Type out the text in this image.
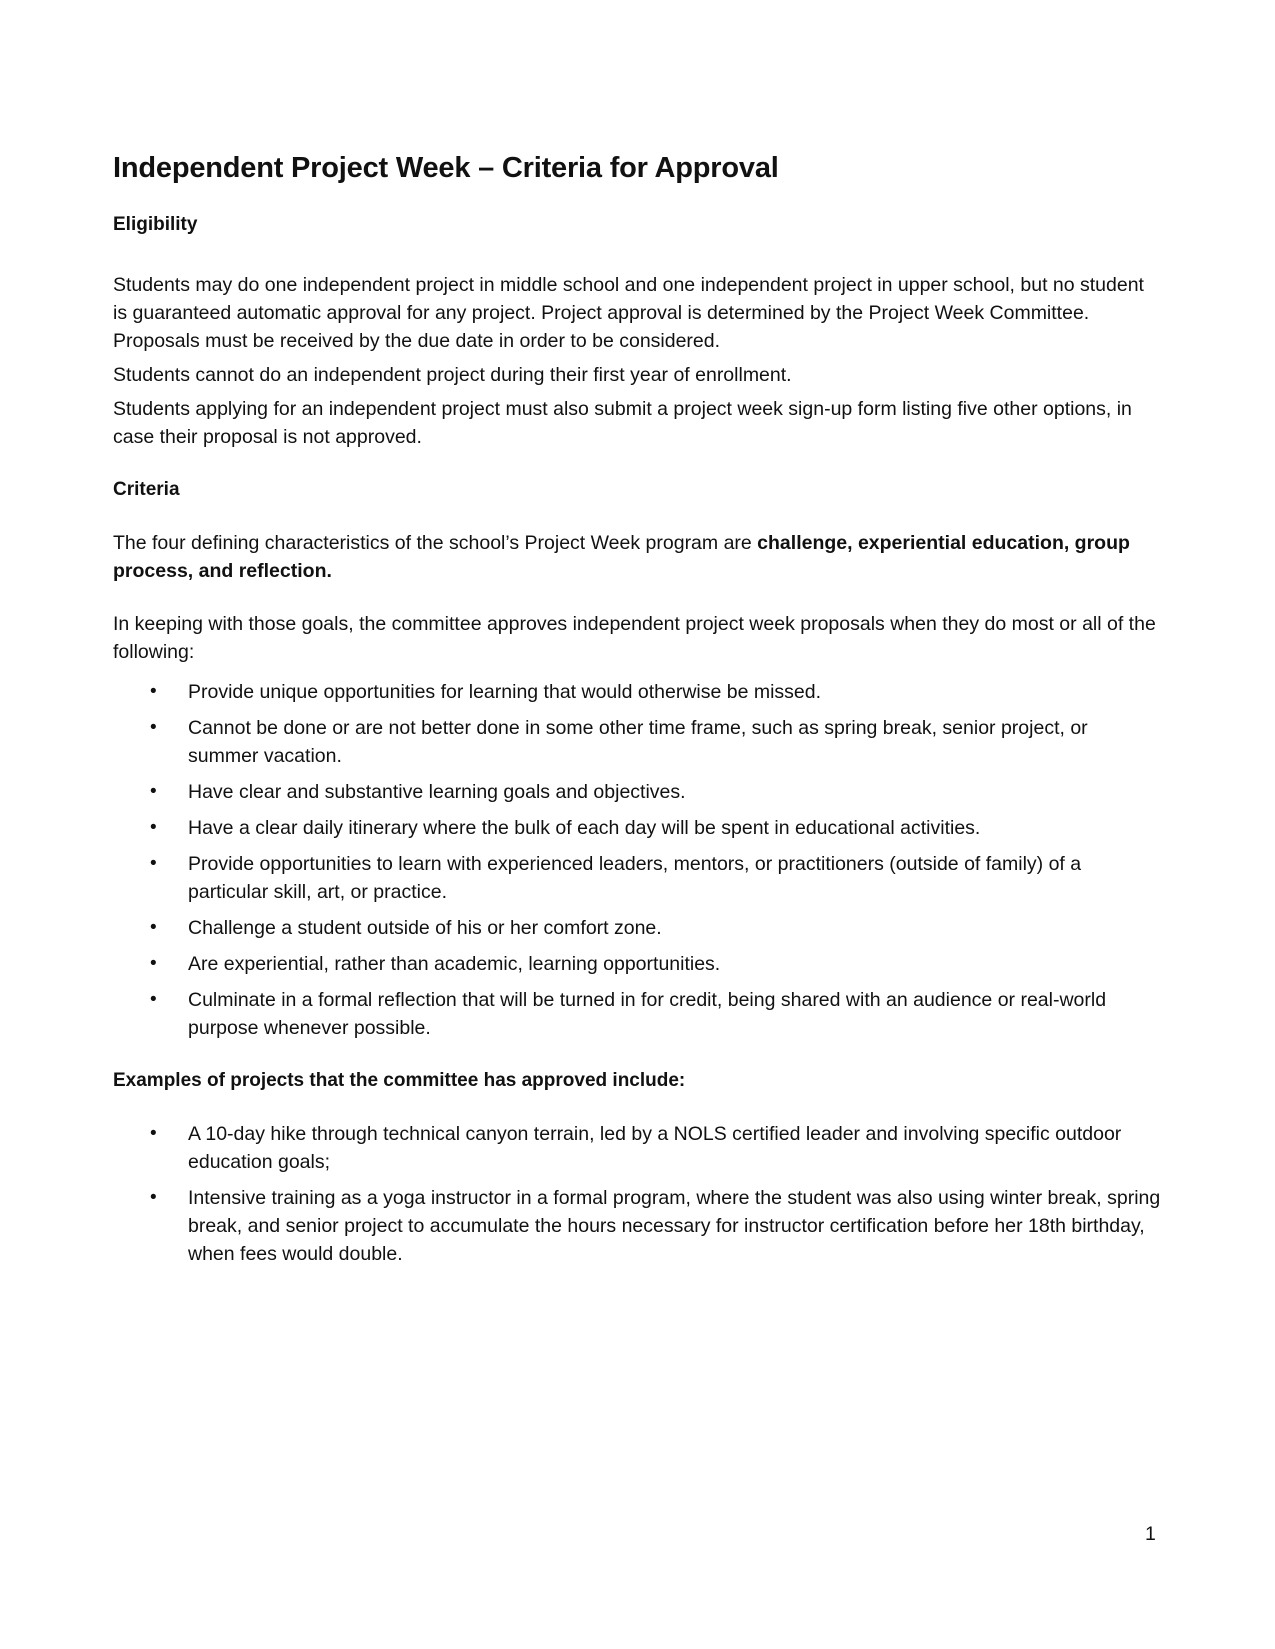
Independent Project Week – Criteria for Approval
Eligibility

Students may do one independent project in middle school and one independent project in upper school, but no student is guaranteed automatic approval for any project. Project approval is determined by the Project Week Committee. Proposals must be received by the due date in order to be considered.

Students cannot do an independent project during their first year of enrollment.

Students applying for an independent project must also submit a project week sign-up form listing five other options, in case their proposal is not approved.

Criteria

The four defining characteristics of the school’s Project Week program are challenge, experiential education, group process, and reflection.

In keeping with those goals, the committee approves independent project week proposals when they do most or all of the following:

• Provide unique opportunities for learning that would otherwise be missed.
• Cannot be done or are not better done in some other time frame, such as spring break, senior project, or summer vacation.
• Have clear and substantive learning goals and objectives.
• Have a clear daily itinerary where the bulk of each day will be spent in educational activities.
• Provide opportunities to learn with experienced leaders, mentors, or practitioners (outside of family) of a particular skill, art, or practice.
• Challenge a student outside of his or her comfort zone.
• Are experiential, rather than academic, learning opportunities.
• Culminate in a formal reflection that will be turned in for credit, being shared with an audience or real-world purpose whenever possible.
Examples of projects that the committee has approved include:
• A 10-day hike through technical canyon terrain, led by a NOLS certified leader and involving specific outdoor education goals;
• Intensive training as a yoga instructor in a formal program, where the student was also using winter break, spring break, and senior project to accumulate the hours necessary for instructor certification before her 18th birthday, when fees would double.
1
